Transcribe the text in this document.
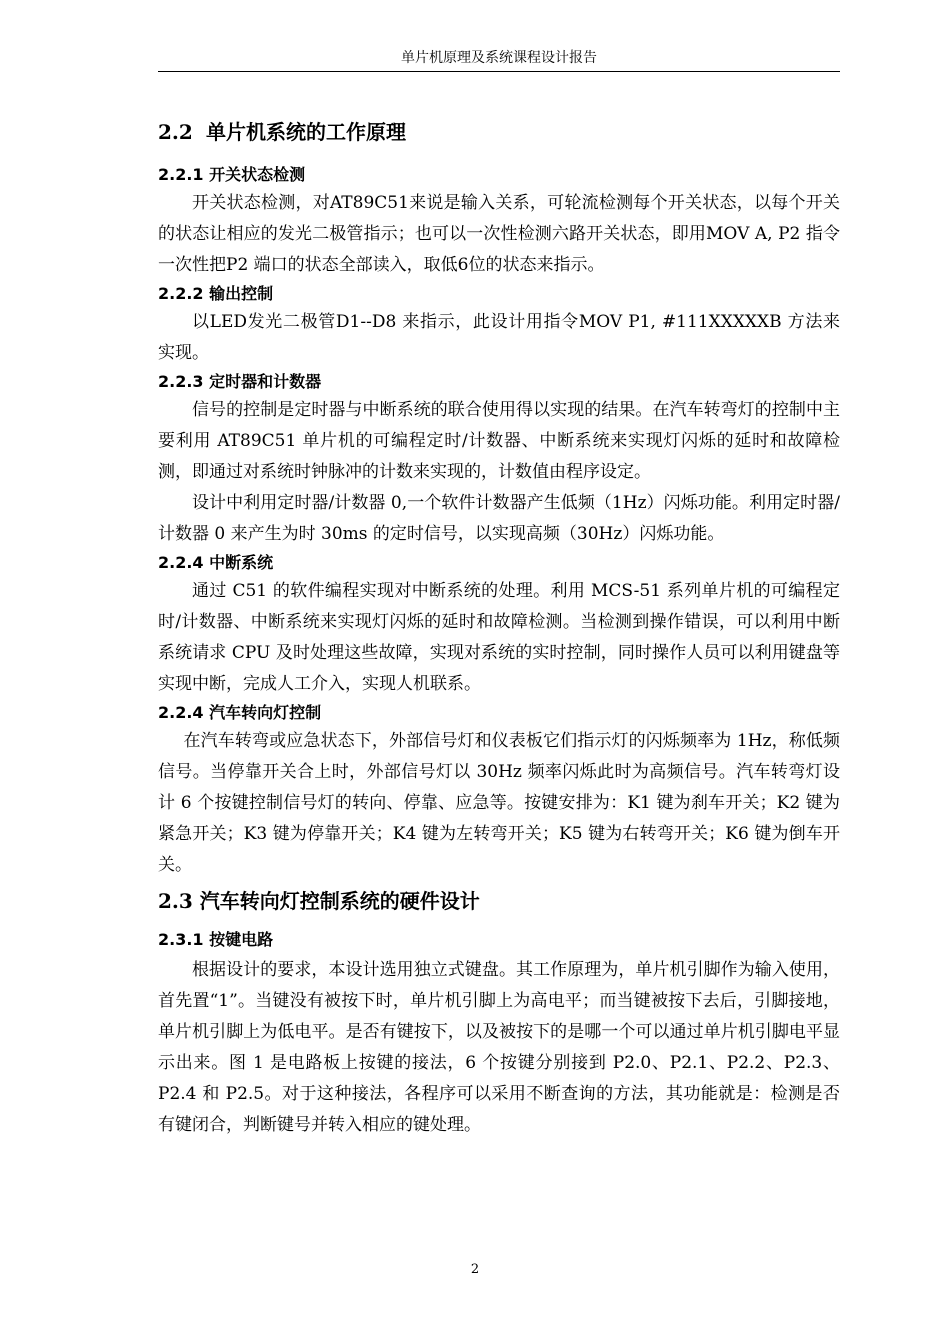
单片机原理及系统课程设计报告
2.2 单片机系统的工作原理
2.2.1 开关状态检测

开关状态检测，对AT89C51来说是输入关系，可轮流检测每个开关状态，以每个开关的状态让相应的发光二极管指示；也可以一次性检测六路开关状态，即用MOV A, P2 指令一次性把P2 端口的状态全部读入，取低6位的状态来指示。

2.2.2 输出控制

以LED发光二极管D1--D8 来指示，此设计用指令MOV P1, #111XXXXXB 方法来实现。

2.2.3 定时器和计数器

信号的控制是定时器与中断系统的联合使用得以实现的结果。在汽车转弯灯的控制中主要利用 AT89C51 单片机的可编程定时/计数器、中断系统来实现灯闪烁的延时和故障检测，即通过对系统时钟脉冲的计数来实现的，计数值由程序设定。

设计中利用定时器/计数器 0,一个软件计数器产生低频（1Hz）闪烁功能。利用定时器/计数器 0 来产生为时 30ms 的定时信号，以实现高频（30Hz）闪烁功能。

2.2.4 中断系统

通过 C51 的软件编程实现对中断系统的处理。利用 MCS-51 系列单片机的可编程定时/计数器、中断系统来实现灯闪烁的延时和故障检测。当检测到操作错误，可以利用中断系统请求 CPU 及时处理这些故障，实现对系统的实时控制，同时操作人员可以利用键盘等实现中断，完成人工介入，实现人机联系。

2.2.4 汽车转向灯控制

在汽车转弯或应急状态下，外部信号灯和仪表板它们指示灯的闪烁频率为 1Hz，称低频信号。当停靠开关合上时，外部信号灯以 30Hz 频率闪烁此时为高频信号。汽车转弯灯设计 6 个按键控制信号灯的转向、停靠、应急等。按键安排为：K1 键为刹车开关；K2 键为紧急开关；K3 键为停靠开关；K4 键为左转弯开关；K5 键为右转弯开关；K6 键为倒车开关。

2.3 汽车转向灯控制系统的硬件设计
2.3.1 按键电路

根据设计的要求，本设计选用独立式键盘。其工作原理为，单片机引脚作为输入使用，首先置“1”。当键没有被按下时，单片机引脚上为高电平；而当键被按下去后，引脚接地，单片机引脚上为低电平。是否有键按下，以及被按下的是哪一个可以通过单片机引脚电平显示出来。图 1 是电路板上按键的接法，6 个按键分别接到 P2.0、P2.1、P2.2、P2.3、P2.4 和 P2.5。对于这种接法，各程序可以采用不断查询的方法，其功能就是：检测是否有键闭合，判断键号并转入相应的键处理。

2
